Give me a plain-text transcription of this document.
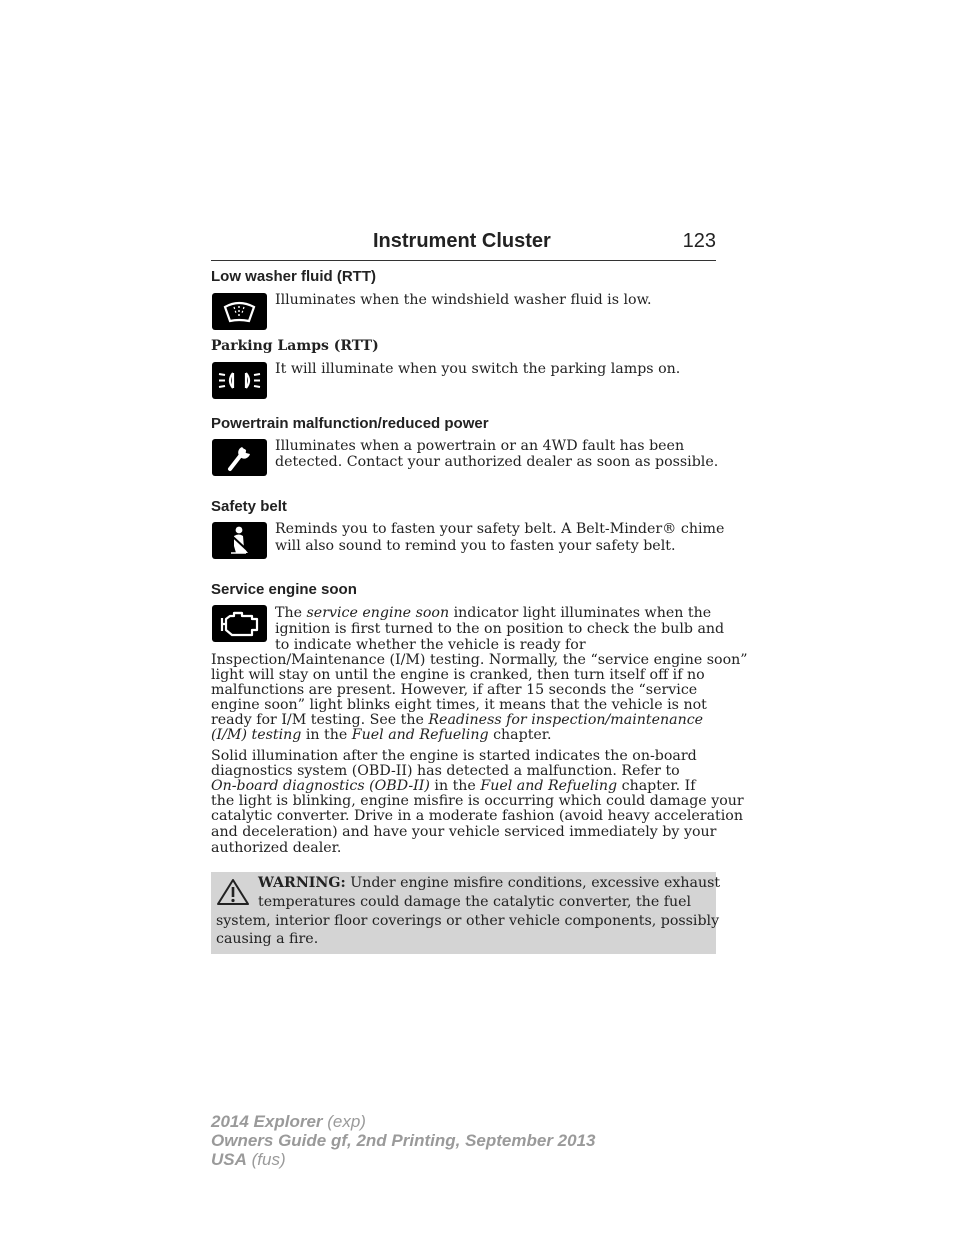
Instrument Cluster	123
Low washer fluid (RTT)
Illuminates when the windshield washer fluid is low.
Parking Lamps (RTT)
It will illuminate when you switch the parking lamps on.
Powertrain malfunction/reduced power
Illuminates when a powertrain or an 4WD fault has been
detected. Contact your authorized dealer as soon as possible.
Safety belt
Reminds you to fasten your safety belt. A Belt-Minder® chime
will also sound to remind you to fasten your safety belt.
Service engine soon
The service engine soon indicator light illuminates when the
ignition is first turned to the on position to check the bulb and
to indicate whether the vehicle is ready for
Inspection/Maintenance (I/M) testing. Normally, the “service engine soon”
light will stay on until the engine is cranked, then turn itself off if no
malfunctions are present. However, if after 15 seconds the “service
engine soon” light blinks eight times, it means that the vehicle is not
ready for I/M testing. See the Readiness for inspection/maintenance
(I/M) testing in the Fuel and Refueling chapter.
Solid illumination after the engine is started indicates the on-board
diagnostics system (OBD-II) has detected a malfunction. Refer to
On-board diagnostics (OBD-II) in the Fuel and Refueling chapter. If
the light is blinking, engine misfire is occurring which could damage your
catalytic converter. Drive in a moderate fashion (avoid heavy acceleration
and deceleration) and have your vehicle serviced immediately by your
authorized dealer.
WARNING: Under engine misfire conditions, excessive exhaust
temperatures could damage the catalytic converter, the fuel
system, interior floor coverings or other vehicle components, possibly
causing a fire.
2014 Explorer (exp)
Owners Guide gf, 2nd Printing, September 2013
USA (fus)
